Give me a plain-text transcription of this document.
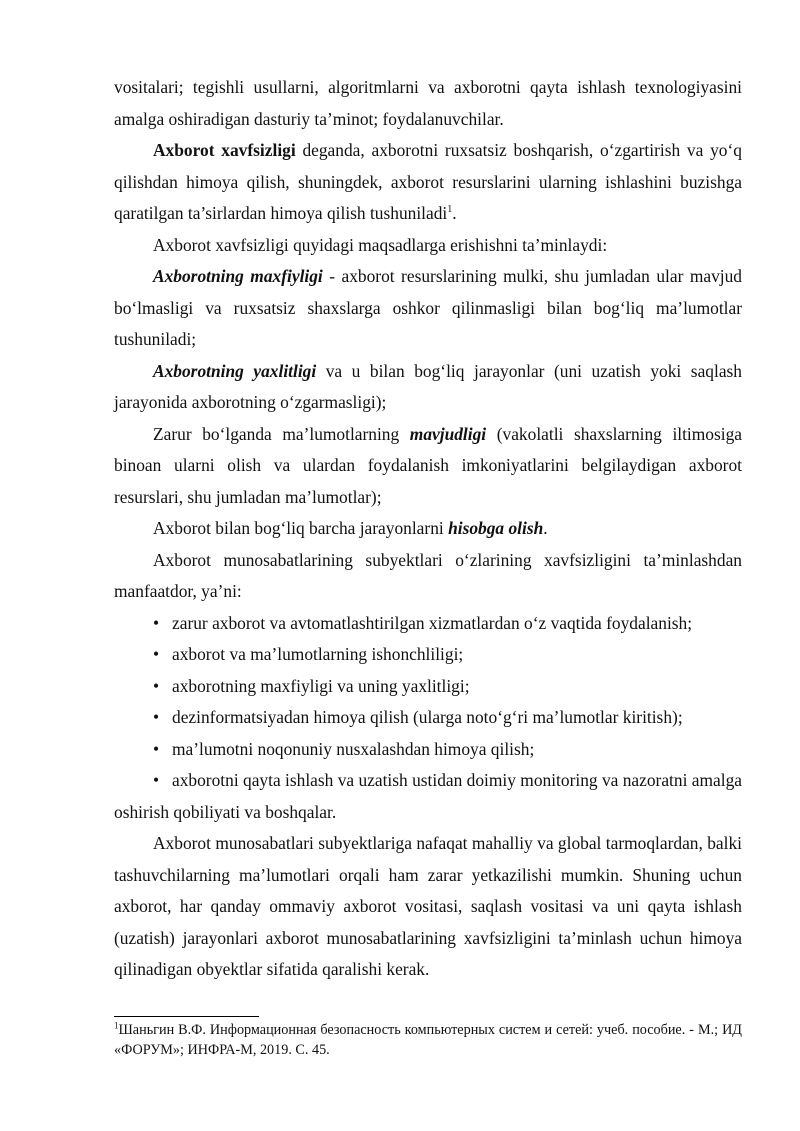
vositalari; tegishli usullarni, algoritmlarni va axborotni qayta ishlash texnologiyasini amalga oshiradigan dasturiy ta’minot; foydalanuvchilar.

Axborot xavfsizligi deganda, axborotni ruxsatsiz boshqarish, o‘zgartirish va yo‘q qilishdan himoya qilish, shuningdek, axborot resurslarini ularning ishlashini buzishga qaratilgan ta’sirlardan himoya qilish tushuniladi$^1$.

Axborot xavfsizligi quyidagi maqsadlarga erishishni ta’minlaydi:

Axborotning maxfiyligi - axborot resurslarining mulki, shu jumladan ular mavjud bo‘lmasligi va ruxsatsiz shaxslarga oshkor qilinmasligi bilan bog‘liq ma’lumotlar tushuniladi;

Axborotning yaxlitligi va u bilan bog‘liq jarayonlar (uni uzatish yoki saqlash jarayonida axborotning o‘zgarmasligi);

Zarur bo‘lganda ma’lumotlarning mavjudligi (vakolatli shaxslarning iltimosiga binoan ularni olish va ulardan foydalanish imkoniyatlarini belgilaydigan axborot resurslari, shu jumladan ma’lumotlar);

Axborot bilan bog‘liq barcha jarayonlarni hisobga olish.

Axborot munosabatlarining subyektlari o‘zlarining xavfsizligini ta’minlashdan manfaatdor, ya’ni:

• zarur axborot va avtomatlashtirilgan xizmatlardan o‘z vaqtida foydalanish;

• axborot va ma’lumotlarning ishonchliligi;

• axborotning maxfiyligi va uning yaxlitligi;

• dezinformatsiyadan himoya qilish (ularga noto‘g‘ri ma’lumotlar kiritish);

• ma’lumotni noqonuniy nusxalashdan himoya qilish;

• axborotni qayta ishlash va uzatish ustidan doimiy monitoring va nazoratni amalga oshirish qobiliyati va boshqalar.

Axborot munosabatlari subyektlariga nafaqat mahalliy va global tarmoqlardan, balki tashuvchilarning ma’lumotlari orqali ham zarar yetkazilishi mumkin. Shuning uchun axborot, har qanday ommaviy axborot vositasi, saqlash vositasi va uni qayta ishlash (uzatish) jarayonlari axborot munosabatlarining xavfsizligini ta’minlash uchun himoya qilinadigan obyektlar sifatida qaralishi kerak.

$^1$Шаньгин В.Ф. Информационная безопасность компьютерных систем и сетей: учеб. пособие. - М.; ИД «ФОРУМ»; ИНФРА-М, 2019. С. 45.
